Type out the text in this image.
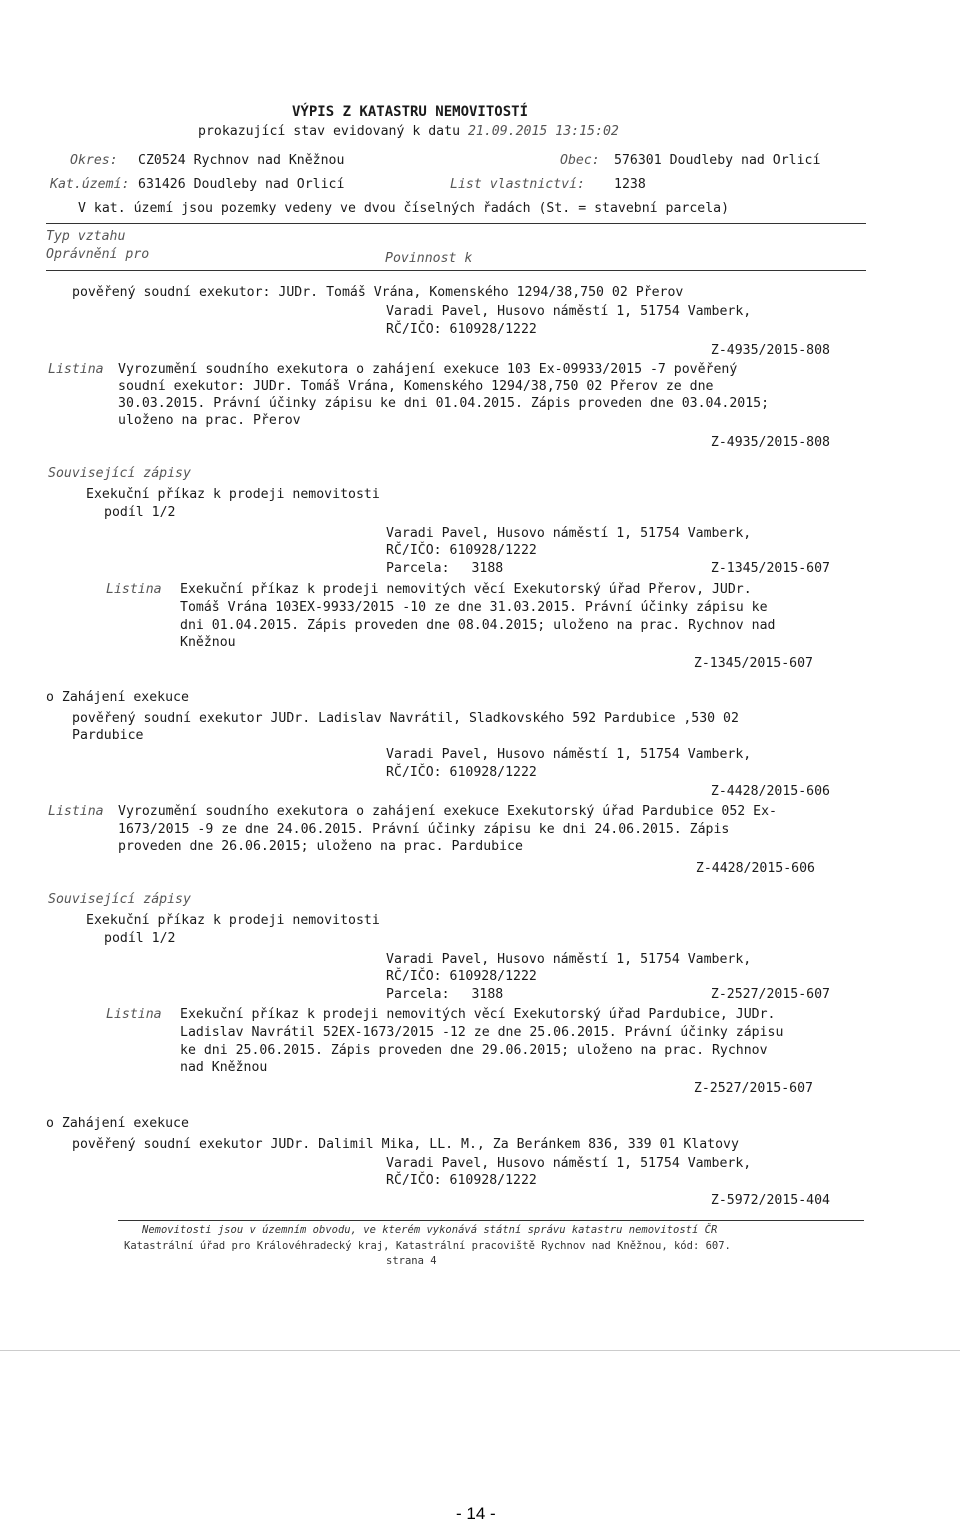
VÝPIS Z KATASTRU NEMOVITOSTÍ
prokazující stav evidovaný k datu 21.09.2015 13:15:02
Okres: CZ0524 Rychnov nad Kněžnou	Obec: 576301 Doudleby nad Orlicí
Kat.území: 631426 Doudleby nad Orlicí	List vlastnictví: 1238
V kat. území jsou pozemky vedeny ve dvou číselných řadách (St. = stavební parcela)
Typ vztahu
Oprávnění pro	Povinnost k
pověřený soudní exekutor: JUDr. Tomáš Vrána, Komenského 1294/38,750 02 Přerov
Varadi Pavel, Husovo náměstí 1, 51754 Vamberk,
RČ/IČO: 610928/1222
Z-4935/2015-808
Listina Vyrozumění soudního exekutora o zahájení exekuce 103 Ex-09933/2015 -7 pověřený
soudní exekutor: JUDr. Tomáš Vrána, Komenského 1294/38,750 02 Přerov ze dne
30.03.2015. Právní účinky zápisu ke dni 01.04.2015. Zápis proveden dne 03.04.2015;
uloženo na prac. Přerov
Z-4935/2015-808
Související zápisy
Exekuční příkaz k prodeji nemovitosti
podíl 1/2
Varadi Pavel, Husovo náměstí 1, 51754 Vamberk,
RČ/IČO: 610928/1222
Parcela: 3188	Z-1345/2015-607
Listina Exekuční příkaz k prodeji nemovitých věcí Exekutorský úřad Přerov, JUDr.
Tomáš Vrána 103EX-9933/2015 -10 ze dne 31.03.2015. Právní účinky zápisu ke
dni 01.04.2015. Zápis proveden dne 08.04.2015; uloženo na prac. Rychnov nad
Kněžnou
Z-1345/2015-607
o Zahájení exekuce
pověřený soudní exekutor JUDr. Ladislav Navrátil, Sladkovského 592 Pardubice ,530 02
Pardubice
Varadi Pavel, Husovo náměstí 1, 51754 Vamberk,
RČ/IČO: 610928/1222
Z-4428/2015-606
Listina Vyrozumění soudního exekutora o zahájení exekuce Exekutorský úřad Pardubice 052 Ex-
1673/2015 -9 ze dne 24.06.2015. Právní účinky zápisu ke dni 24.06.2015. Zápis
proveden dne 26.06.2015; uloženo na prac. Pardubice
Z-4428/2015-606
Související zápisy
Exekuční příkaz k prodeji nemovitosti
podíl 1/2
Varadi Pavel, Husovo náměstí 1, 51754 Vamberk,
RČ/IČO: 610928/1222
Parcela: 3188	Z-2527/2015-607
Listina Exekuční příkaz k prodeji nemovitých věcí Exekutorský úřad Pardubice, JUDr.
Ladislav Navrátil 52EX-1673/2015 -12 ze dne 25.06.2015. Právní účinky zápisu
ke dni 25.06.2015. Zápis proveden dne 29.06.2015; uloženo na prac. Rychnov
nad Kněžnou
Z-2527/2015-607
o Zahájení exekuce
pověřený soudní exekutor JUDr. Dalimil Mika, LL. M., Za Beránkem 836, 339 01 Klatovy
Varadi Pavel, Husovo náměstí 1, 51754 Vamberk,
RČ/IČO: 610928/1222
Z-5972/2015-404
Nemovitosti jsou v územním obvodu, ve kterém vykonává státní správu katastru nemovitostí ČR
Katastrální úřad pro Královéhradecký kraj, Katastrální pracoviště Rychnov nad Kněžnou, kód: 607.
strana 4
- 14 -
